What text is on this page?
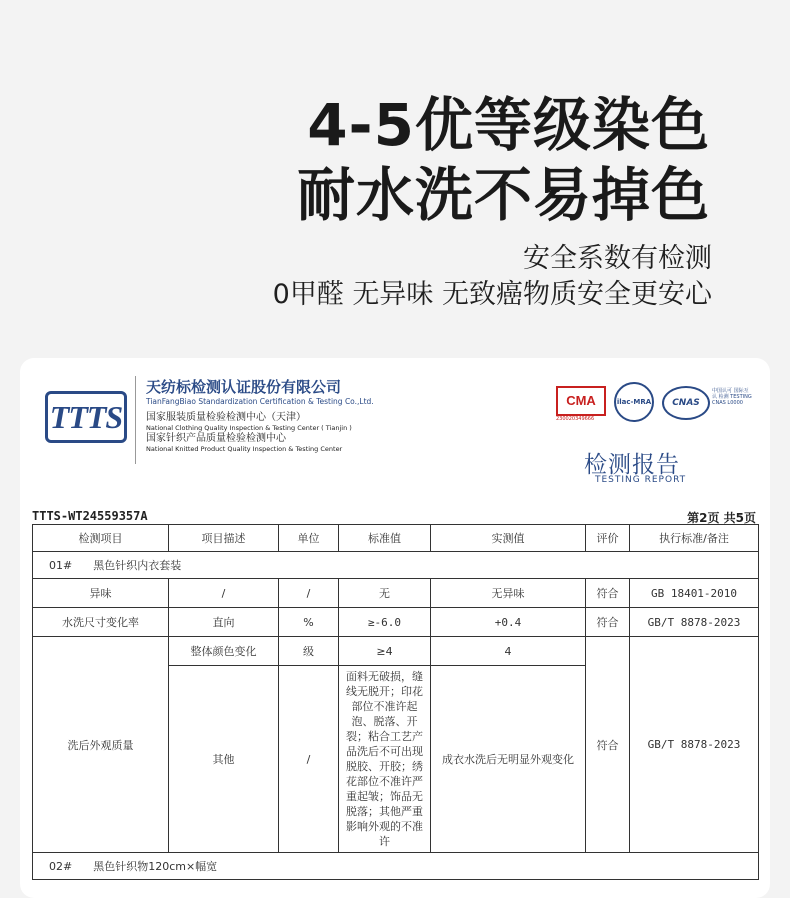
4-5优等级染色
耐水洗不易掉色
安全系数有检测
0甲醛 无异味 无致癌物质安全更安心
TTTS
天纺标检测认证股份有限公司
TianFangBiao Standardization Certification & Testing Co.,Ltd.
国家服装质量检验检测中心（天津）
National Clothing Quality Inspection & Testing Center ( Tianjin )
国家针织产品质量检验检测中心
National Knitted Product Quality Inspection & Testing Center
CMA
230020349666
ilac-MRA	CNAS
中国认可 国际互认 检测 TESTING CNAS L0000
检测报告
TESTING REPORT
TTTS-WT24559357A	第2页 共5页
检测项目	项目描述	单位	标准值	实测值	评价	执行标准/备注
01#      黑色针织内衣套装						
异味	/	/	无	无异味	符合	GB 18401-2010
水洗尺寸变化率	直向	%	≥-6.0	+0.4	符合	GB/T 8878-2023
洗后外观质量	整体颜色变化	级	≥4	4	符合	GB/T 8878-2023
	其他	/	面料无破损，缝线无脱开；印花部位不准许起泡、脱落、开裂；粘合工艺产品洗后不可出现脱胶、开胶；绣花部位不准许严重起皱；饰品无脱落；其他严重影响外观的不准许	成衣水洗后无明显外观变化		
02#      黑色针织物120cm×幅宽						
